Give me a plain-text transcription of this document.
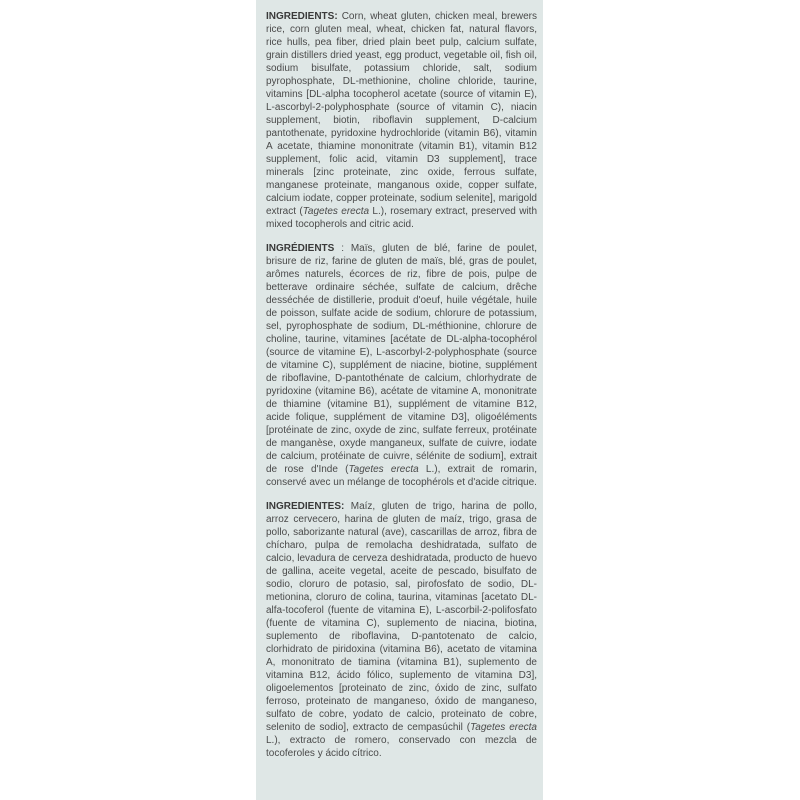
INGREDIENTS: Corn, wheat gluten, chicken meal, brewers rice, corn gluten meal, wheat, chicken fat, natural flavors, rice hulls, pea fiber, dried plain beet pulp, calcium sulfate, grain distillers dried yeast, egg product, vegetable oil, fish oil, sodium bisulfate, potassium chloride, salt, sodium pyrophosphate, DL-methionine, choline chloride, taurine, vitamins [DL-alpha tocopherol acetate (source of vitamin E), L-ascorbyl-2-polyphosphate (source of vitamin C), niacin supplement, biotin, riboflavin supplement, D-calcium pantothenate, pyridoxine hydrochloride (vitamin B6), vitamin A acetate, thiamine mononitrate (vitamin B1), vitamin B12 supplement, folic acid, vitamin D3 supplement], trace minerals [zinc proteinate, zinc oxide, ferrous sulfate, manganese proteinate, manganous oxide, copper sulfate, calcium iodate, copper proteinate, sodium selenite], marigold extract (Tagetes erecta L.), rosemary extract, preserved with mixed tocopherols and citric acid.

INGRÉDIENTS : Maïs, gluten de blé, farine de poulet, brisure de riz, farine de gluten de maïs, blé, gras de poulet, arômes naturels, écorces de riz, fibre de pois, pulpe de betterave ordinaire séchée, sulfate de calcium, drêche desséchée de distillerie, produit d'oeuf, huile végétale, huile de poisson, sulfate acide de sodium, chlorure de potassium, sel, pyrophosphate de sodium, DL-méthionine, chlorure de choline, taurine, vitamines [acétate de DL-alpha-tocophérol (source de vitamine E), L-ascorbyl-2-polyphosphate (source de vitamine C), supplément de niacine, biotine, supplément de riboflavine, D-pantothénate de calcium, chlorhydrate de pyridoxine (vitamine B6), acétate de vitamine A, mononitrate de thiamine (vitamine B1), supplément de vitamine B12, acide folique, supplément de vitamine D3], oligoéléments [protéinate de zinc, oxyde de zinc, sulfate ferreux, protéinate de manganèse, oxyde manganeux, sulfate de cuivre, iodate de calcium, protéinate de cuivre, sélénite de sodium], extrait de rose d'Inde (Tagetes erecta L.), extrait de romarin, conservé avec un mélange de tocophérols et d'acide citrique.

INGREDIENTES: Maíz, gluten de trigo, harina de pollo, arroz cervecero, harina de gluten de maíz, trigo, grasa de pollo, saborizante natural (ave), cascarillas de arroz, fibra de chícharo, pulpa de remolacha deshidratada, sulfato de calcio, levadura de cerveza deshidratada, producto de huevo de gallina, aceite vegetal, aceite de pescado, bisulfato de sodio, cloruro de potasio, sal, pirofosfato de sodio, DL-metionina, cloruro de colina, taurina, vitaminas [acetato DL-alfa-tocoferol (fuente de vitamina E), L-ascorbil-2-polifosfato (fuente de vitamina C), suplemento de niacina, biotina, suplemento de riboflavina, D-pantotenato de calcio, clorhidrato de piridoxina (vitamina B6), acetato de vitamina A, mononitrato de tiamina (vitamina B1), suplemento de vitamina B12, ácido fólico, suplemento de vitamina D3], oligoelementos [proteinato de zinc, óxido de zinc, sulfato ferroso, proteinato de manganeso, óxido de manganeso, sulfato de cobre, yodato de calcio, proteinato de cobre, selenito de sodio], extracto de cempasúchil (Tagetes erecta L.), extracto de romero, conservado con mezcla de tocoferoles y ácido cítrico.
